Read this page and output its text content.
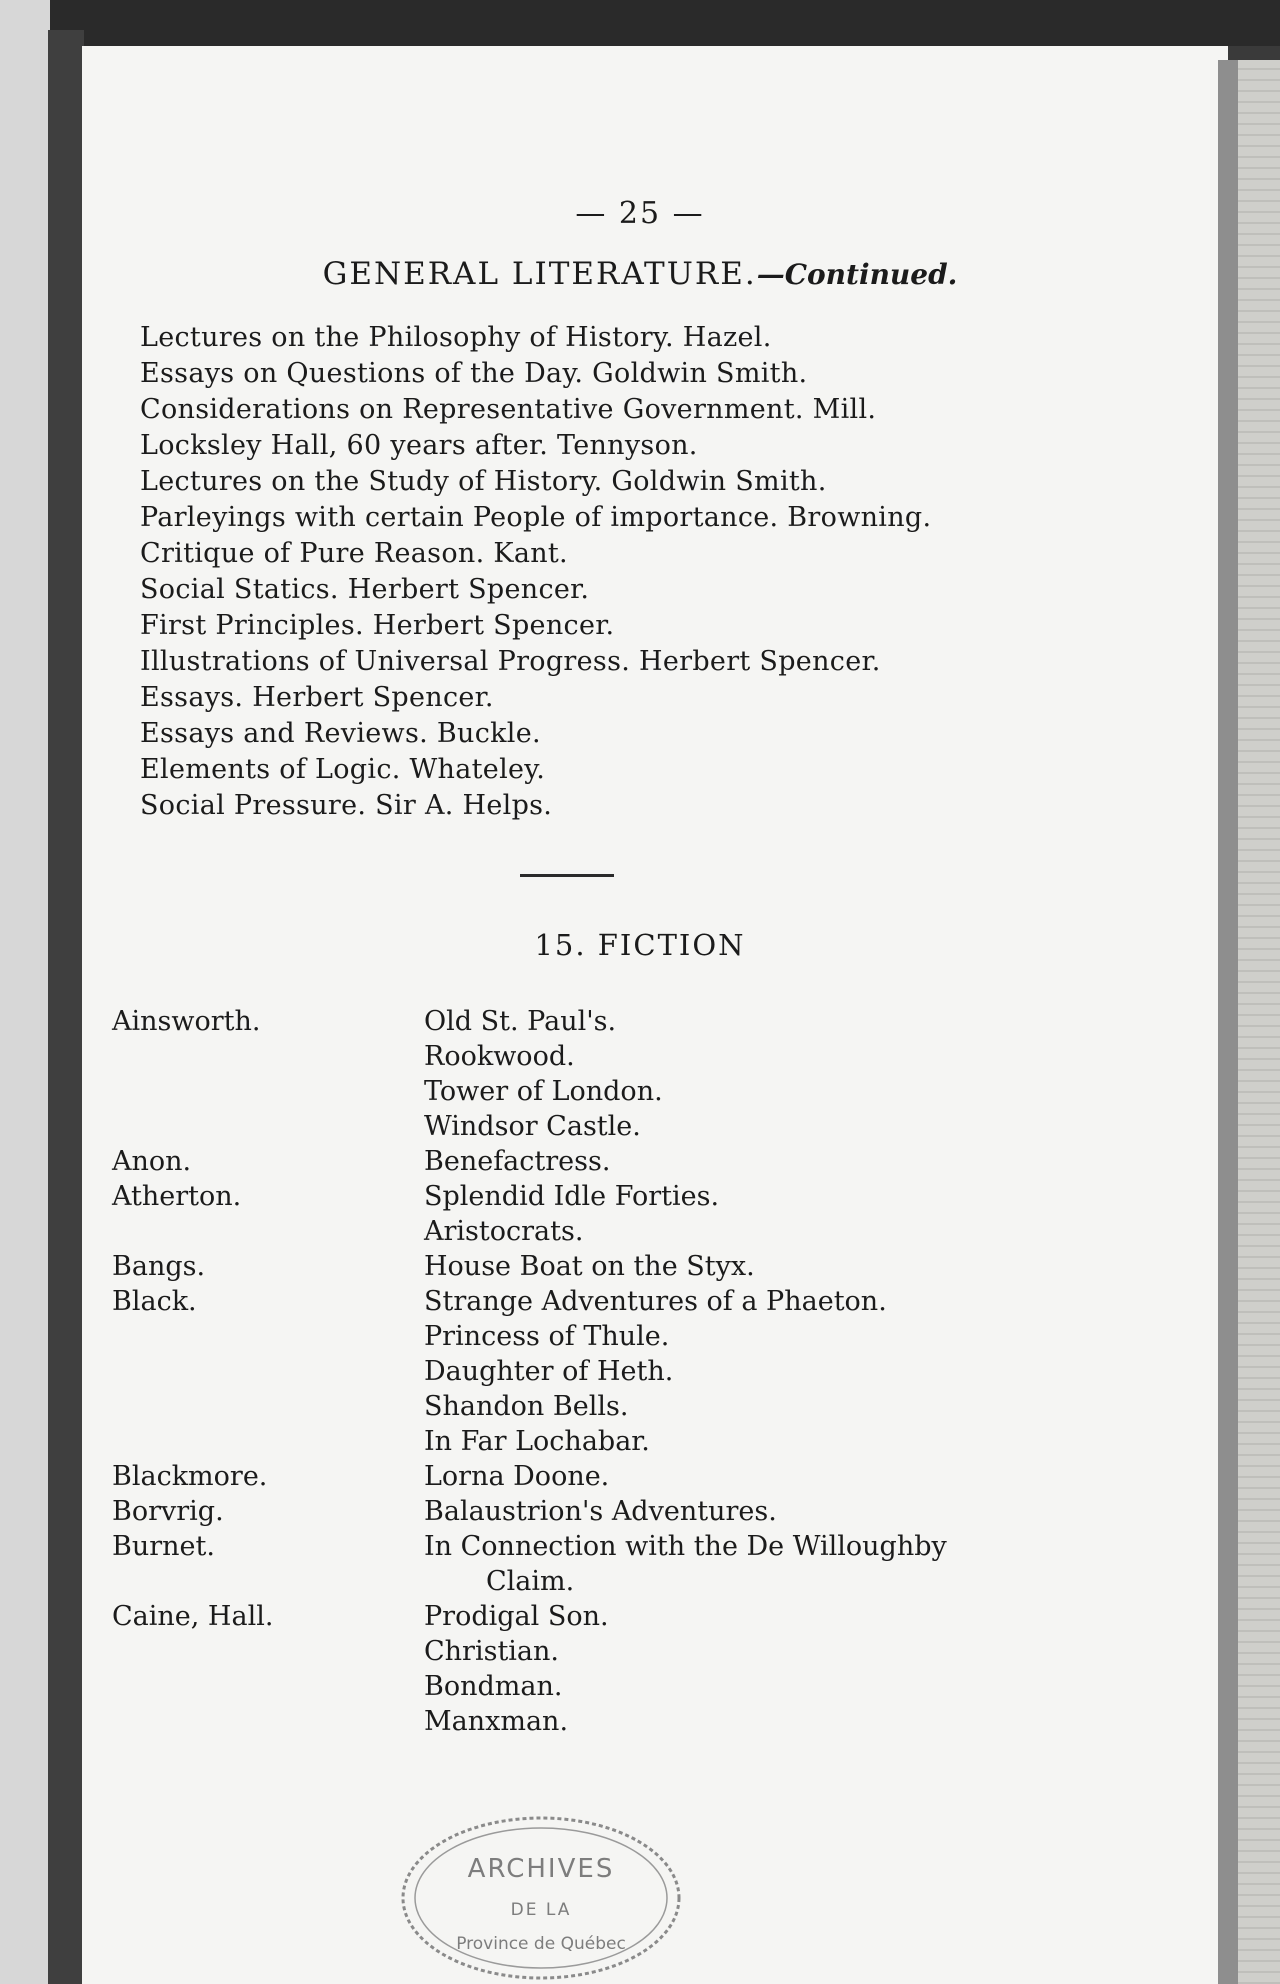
— 25 —
GENERAL LITERATURE.—Continued.
Lectures on the Philosophy of History. Hazel.
Essays on Questions of the Day. Goldwin Smith.
Considerations on Representative Government. Mill.
Locksley Hall, 60 years after. Tennyson.
Lectures on the Study of History. Goldwin Smith.
Parleyings with certain People of importance. Browning.
Critique of Pure Reason. Kant.
Social Statics. Herbert Spencer.
First Principles. Herbert Spencer.
Illustrations of Universal Progress. Herbert Spencer.
Essays. Herbert Spencer.
Essays and Reviews. Buckle.
Elements of Logic. Whateley.
Social Pressure. Sir A. Helps.
15. FICTION
Ainsworth.	Old St. Paul's.
Rookwood.
Tower of London.
Windsor Castle.
Anon.	Benefactress.
Atherton.	Splendid Idle Forties.
Aristocrats.
Bangs.	House Boat on the Styx.
Black.	Strange Adventures of a Phaeton.
Princess of Thule.
Daughter of Heth.
Shandon Bells.
In Far Lochabar.
Blackmore.	Lorna Doone.
Borvrig.	Balaustrion's Adventures.
Burnet.	In Connection with the De Willoughby
Claim.
Caine, Hall.	Prodigal Son.
Christian.
Bondman.
Manxman.
ARCHIVES
DE LA
Province de Québec
